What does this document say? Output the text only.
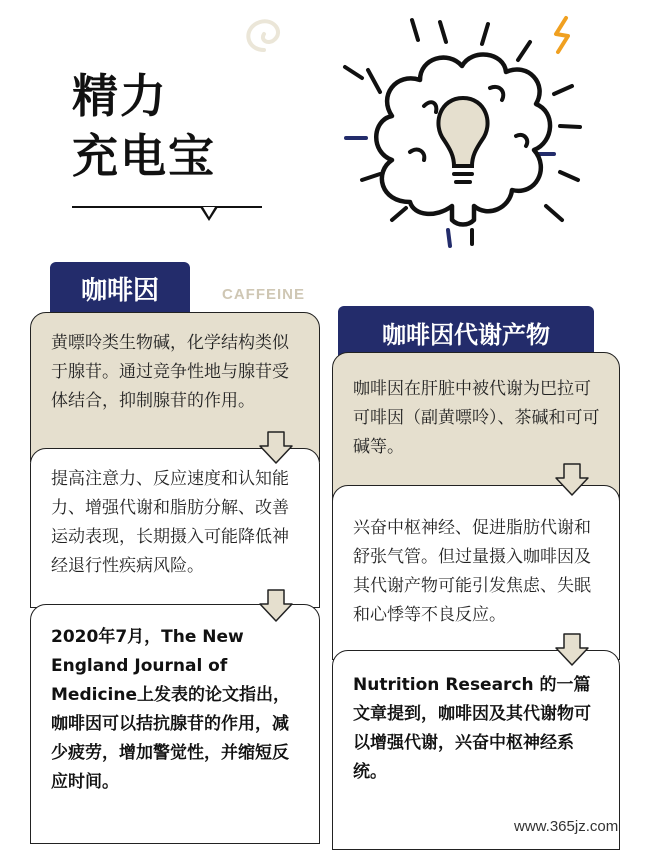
精力
充电宝
咖啡因	CAFFEINE
黄嘌呤类生物碱，化学结构类似于腺苷。通过竞争性地与腺苷受体结合，抑制腺苷的作用。
提高注意力、反应速度和认知能力、增强代谢和脂肪分解、改善运动表现，长期摄入可能降低神经退行性疾病风险。
2020年7月，The New England Journal of Medicine上发表的论文指出，咖啡因可以拮抗腺苷的作用，减少疲劳，增加警觉性，并缩短反应时间。
咖啡因代谢产物
咖啡因在肝脏中被代谢为巴拉可可啡因（副黄嘌呤）、茶碱和可可碱等。
兴奋中枢神经、促进脂肪代谢和舒张气管。但过量摄入咖啡因及其代谢产物可能引发焦虑、失眠和心悸等不良反应。
Nutrition Research 的一篇文章提到，咖啡因及其代谢物可以增强代谢，兴奋中枢神经系统。
www.365jz.com
